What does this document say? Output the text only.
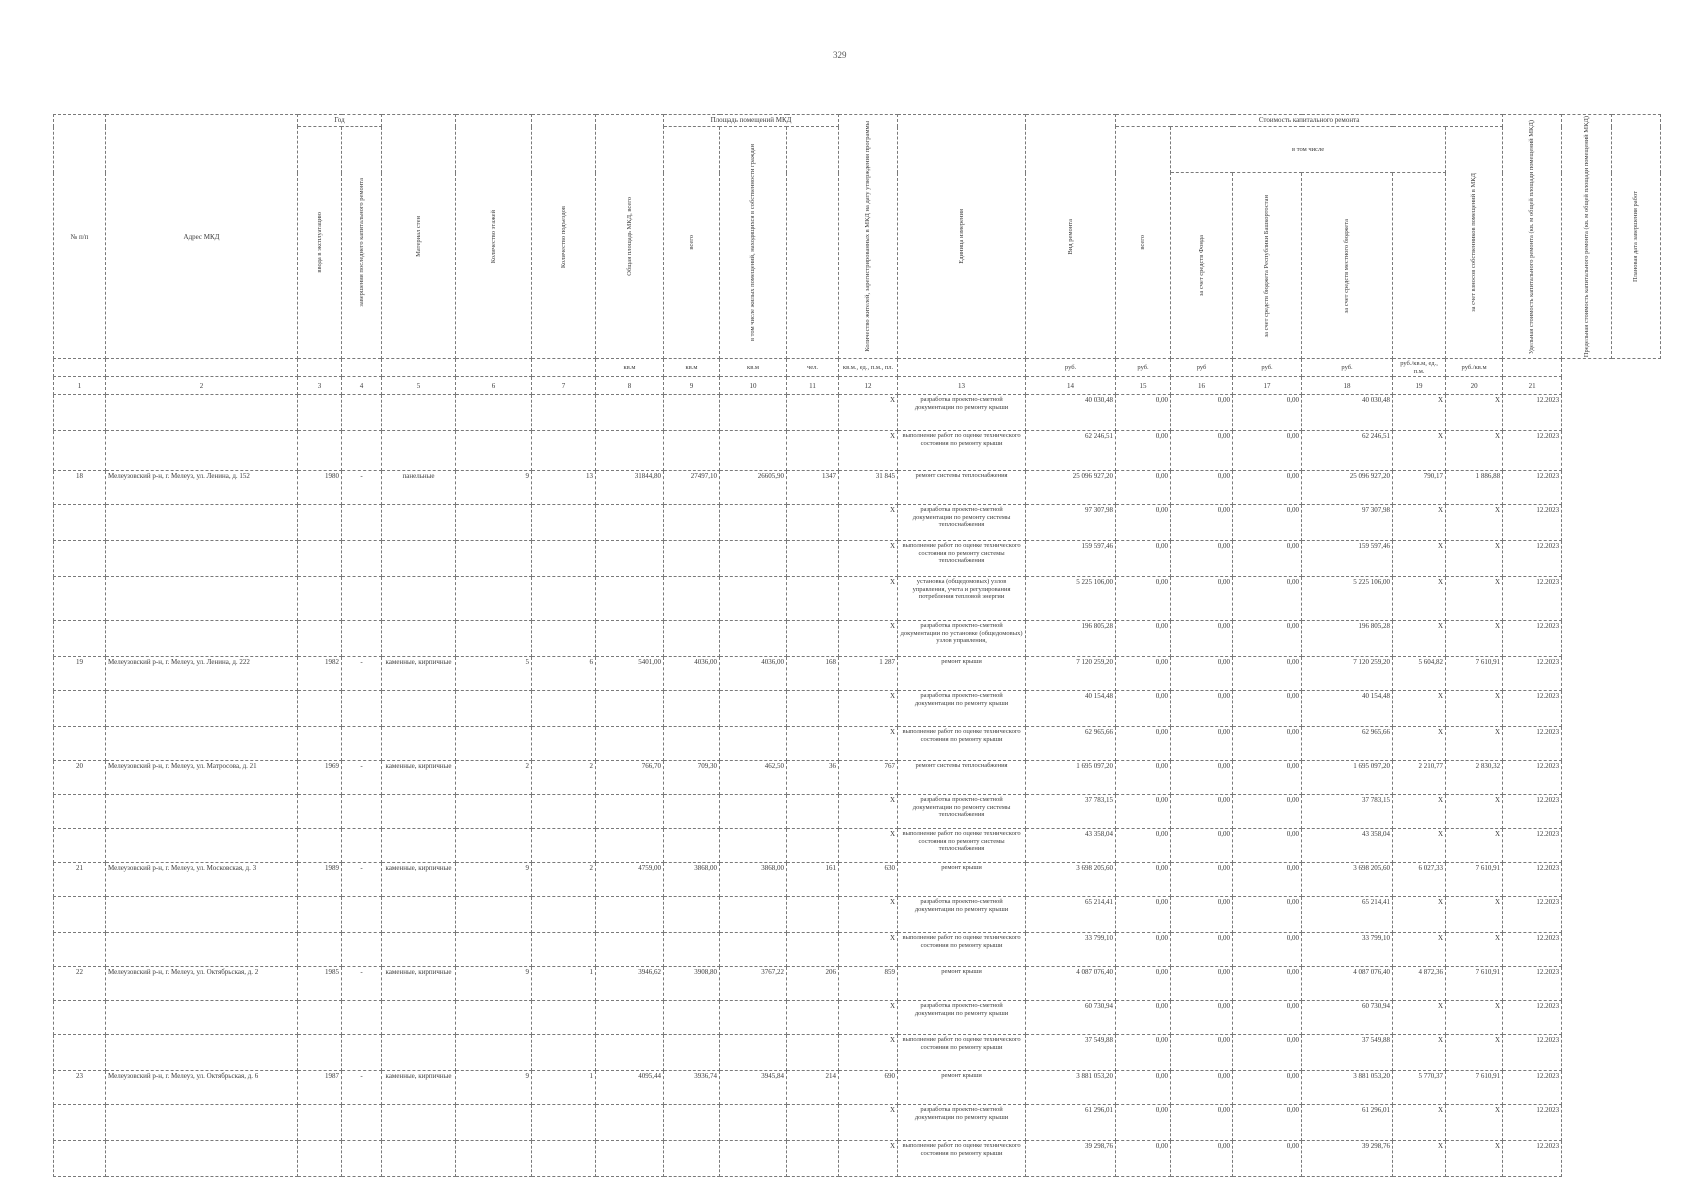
329
№ п/п	Адрес МКД	Год		Материал стен	Количество этажей	Количество подъездов	Общая площадь МКД, всего	Площадь помещений МКД			Количество жителей, зарегистрированных в МКД на дату утверждения программы	Единица измерения	Вид ремонта	Стоимость капитального ремонта						Удельная стоимость капитального ремонта (кв. м общей площади помещений МКД)	Предельная стоимость капитального ремонта (кв. м общей площади помещений МКД)	Плановая дата завершения работ

		ввода в эксплуатацию	завершения последнего капитального ремонта					всего	в том числе жилых помещений, находящихся в собственности граждан					всего	в том числе				за счет взносов собственников помещений в МКД			

															за счет средств Фонда	за счет средств бюджета Республики Башкортостан	за счет средств местного бюджета					

							кв.м	кв.м	кв.м	чел.	кв.м., ед., п.м., пл.		руб.	руб.	руб	руб.	руб.	руб./кв.м, ед., п.м.	руб./кв.м			
1	2	3	4	5	6	7	8	9	10	11	12	13	14	15	16	17	18	19	20	21		
											X	разработка проектно-сметной документации по ремонту крыши	40 030,48	0,00	0,00	0,00	40 030,48	X	X	12.2023		
											X	выполнение работ по оценке технического состояния по ремонту крыши	62 246,51	0,00	0,00	0,00	62 246,51	X	X	12.2023		
18	Мелеузовский р-н, г. Мелеуз, ул. Ленина, д. 152	1980	-	панельные	9	13	31844,80	27497,10	26605,90	1347	31 845	ремонт системы теплоснабжения	25 096 927,20	0,00	0,00	0,00	25 096 927,20	790,17	1 886,88	12.2023		
											X	разработка проектно-сметной документации по ремонту системы теплоснабжения	97 307,98	0,00	0,00	0,00	97 307,98	X	X	12.2023		
											X	выполнение работ по оценке технического состояния по ремонту системы теплоснабжения	159 597,46	0,00	0,00	0,00	159 597,46	X	X	12.2023		
											X	установка (общедомовых) узлов управления, учета и регулирования потребления тепловой энергии	5 225 106,00	0,00	0,00	0,00	5 225 106,00	X	X	12.2023		
											X	разработка проектно-сметной документации по установке (общедомовых) узлов управления,	196 805,28	0,00	0,00	0,00	196 805,28	X	X	12.2023		
19	Мелеузовский р-н, г. Мелеуз, ул. Ленина, д. 222	1982	-	каменные, кирпичные	5	6	5401,00	4036,00	4036,00	168	1 287	ремонт крыши	7 120 259,20	0,00	0,00	0,00	7 120 259,20	5 604,82	7 610,91	12.2023		
											X	разработка проектно-сметной документации по ремонту крыши	40 154,48	0,00	0,00	0,00	40 154,48	X	X	12.2023		
											X	выполнение работ по оценке технического состояния по ремонту крыши	62 965,66	0,00	0,00	0,00	62 965,66	X	X	12.2023		
20	Мелеузовский р-н, г. Мелеуз, ул. Матросова, д. 21	1969	-	каменные, кирпичные	2	2	766,70	709,30	462,50	36	767	ремонт системы теплоснабжения	1 695 097,20	0,00	0,00	0,00	1 695 097,20	2 210,77	2 830,32	12.2023		
											X	разработка проектно-сметной документации по ремонту системы теплоснабжения	37 783,15	0,00	0,00	0,00	37 783,15	X	X	12.2023		
											X	выполнение работ по оценке технического состояния по ремонту системы теплоснабжения	43 358,04	0,00	0,00	0,00	43 358,04	X	X	12.2023		
21	Мелеузовский р-н, г. Мелеуз, ул. Московская, д. 3	1989	-	каменные, кирпичные	9	2	4759,00	3868,00	3868,00	161	630	ремонт крыши	3 698 205,60	0,00	0,00	0,00	3 698 205,60	6 027,33	7 610,91	12.2023		
											X	разработка проектно-сметной документации по ремонту крыши	65 214,41	0,00	0,00	0,00	65 214,41	X	X	12.2023		
											X	выполнение работ по оценке технического состояния по ремонту крыши	33 799,10	0,00	0,00	0,00	33 799,10	X	X	12.2023		
22	Мелеузовский р-н, г. Мелеуз, ул. Октябрьская, д. 2	1985	-	каменные, кирпичные	9	1	3946,62	3908,80	3767,22	206	859	ремонт крыши	4 087 076,40	0,00	0,00	0,00	4 087 076,40	4 872,36	7 610,91	12.2023		
											X	разработка проектно-сметной документации по ремонту крыши	60 730,94	0,00	0,00	0,00	60 730,94	X	X	12.2023		
											X	выполнение работ по оценке технического состояния по ремонту крыши	37 549,88	0,00	0,00	0,00	37 549,88	X	X	12.2023		
23	Мелеузовский р-н, г. Мелеуз, ул. Октябрьская, д. 6	1987	-	каменные, кирпичные	9	1	4095,44	3936,74	3945,84	214	690	ремонт крыши	3 881 053,20	0,00	0,00	0,00	3 881 053,20	5 770,37	7 610,91	12.2023		
											X	разработка проектно-сметной документации по ремонту крыши	61 296,01	0,00	0,00	0,00	61 296,01	X	X	12.2023		
											X	выполнение работ по оценке технического состояния по ремонту крыши	39 298,76	0,00	0,00	0,00	39 298,76	X	X	12.2023		
